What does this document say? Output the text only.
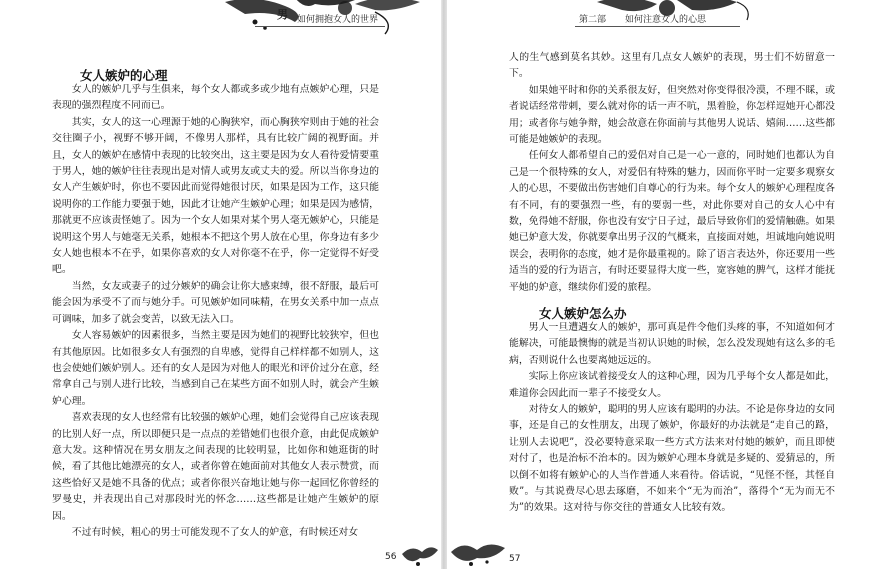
男 如何拥抱女人的世界
女人嫉妒的心理

女人的嫉妒几乎与生俱来，每个女人都或多或少地有点嫉妒心理，只是表现的强烈程度不同而已。

其实，女人的这一心理源于她的心胸狭窄，而心胸狭窄则由于她的社会交往圈子小，视野不够开阔，不像男人那样，具有比较广阔的视野面。并且，女人的嫉妒在感情中表现的比较突出，这主要是因为女人看待爱情要重于男人，她的嫉妒往往表现出是对情人或男友或丈夫的爱。所以当你身边的女人产生嫉妒时，你也不要因此而觉得她很讨厌，如果是因为工作，这只能说明你的工作能力要强于她，因此才让她产生嫉妒心理；如果是因为感情，那就更不应该责怪她了。因为一个女人如果对某个男人毫无嫉妒心，只能是说明这个男人与她毫无关系，她根本不把这个男人放在心里，你身边有多少女人她也根本不在乎，如果你喜欢的女人对你毫不在乎，你一定觉得不好受吧。

当然，女友或妻子的过分嫉妒的确会让你大感束缚，很不舒服，最后可能会因为承受不了而与她分手。可见嫉妒如同味精，在男女关系中加一点点可调味，加多了就会变苦，以致无法入口。

女人容易嫉妒的因素很多，当然主要是因为她们的视野比较狭窄，但也有其他原因。比如很多女人有强烈的自卑感，觉得自己样样都不如别人，这也会使她们嫉妒别人。还有的女人是因为对他人的眼光和评价过分在意，经常拿自己与别人进行比较，当感到自己在某些方面不如别人时，就会产生嫉妒心理。

喜欢表现的女人也经常有比较强的嫉妒心理，她们会觉得自己应该表现的比别人好一点，所以即便只是一点点的差错她们也很介意，由此促成嫉妒意大发。这种情况在男女朋友之间表现的比较明显，比如你和她逛街的时候，看了其他比她漂亮的女人，或者你曾在她面前对其他女人表示赞赏，而这些恰好又是她不具备的优点；或者你很兴奋地让她与你一起回忆你曾经的罗曼史，并表现出自己对那段时光的怀念……这些都是让她产生嫉妒的原因。

不过有时候，粗心的男士可能发现不了女人的妒意，有时候还对女

56
第二部 如何注意女人的心思

人的生气感到莫名其妙。这里有几点女人嫉妒的表现，男士们不妨留意一下。

如果她平时和你的关系很友好，但突然对你变得很冷漠，不理不睬，或者说话经常带刺，要么就对你的话一声不吭，黑着脸，你怎样逗她开心都没用；或者你与她争辩，她会故意在你面前与其他男人说话、嬉闹……这些都可能是她嫉妒的表现。

任何女人都希望自己的爱侣对自己是一心一意的，同时她们也都认为自己是一个很特殊的女人，对爱侣有特殊的魅力，因而你平时一定要多观察女人的心思，不要做出伤害她们自尊心的行为来。每个女人的嫉妒心理程度各有不同，有的要强烈一些，有的要弱一些，对此你要对自己的女人心中有数，免得她不舒服，你也没有安宁日子过，最后导致你们的爱情触礁。如果她已妒意大发，你就要拿出男子汉的气概来，直接面对她，坦诚地向她说明误会，表明你的态度，她才是你最重视的。除了语言表达外，你还要用一些适当的爱的行为语言，有时还要显得大度一些，宽容她的脾气，这样才能抚平她的妒意，继续你们爱的旅程。

女人嫉妒怎么办

男人一旦遭遇女人的嫉妒，那可真是件令他们头疼的事，不知道如何才能解决，可能最懊悔的就是当初认识她的时候，怎么没发现她有这么多的毛病，否则说什么也要离她远远的。

实际上你应该试着接受女人的这种心理，因为几乎每个女人都是如此，难道你会因此而一辈子不接受女人。

对待女人的嫉妒，聪明的男人应该有聪明的办法。不论是你身边的女同事，还是自己的女性朋友，出现了嫉妒，你最好的办法就是“走自己的路，让别人去说吧”，没必要特意采取一些方式方法来对付她的嫉妒，而且即使对付了，也是治标不治本的。因为嫉妒心理本身就是多疑的、爱猜忌的，所以倒不如将有嫉妒心的人当作普通人来看待。俗话说，“见怪不怪，其怪自败”。与其说费尽心思去琢磨，不如来个“无为而治”，落得个“无为而无不为”的效果。这对待与你交往的普通女人比较有效。

57
